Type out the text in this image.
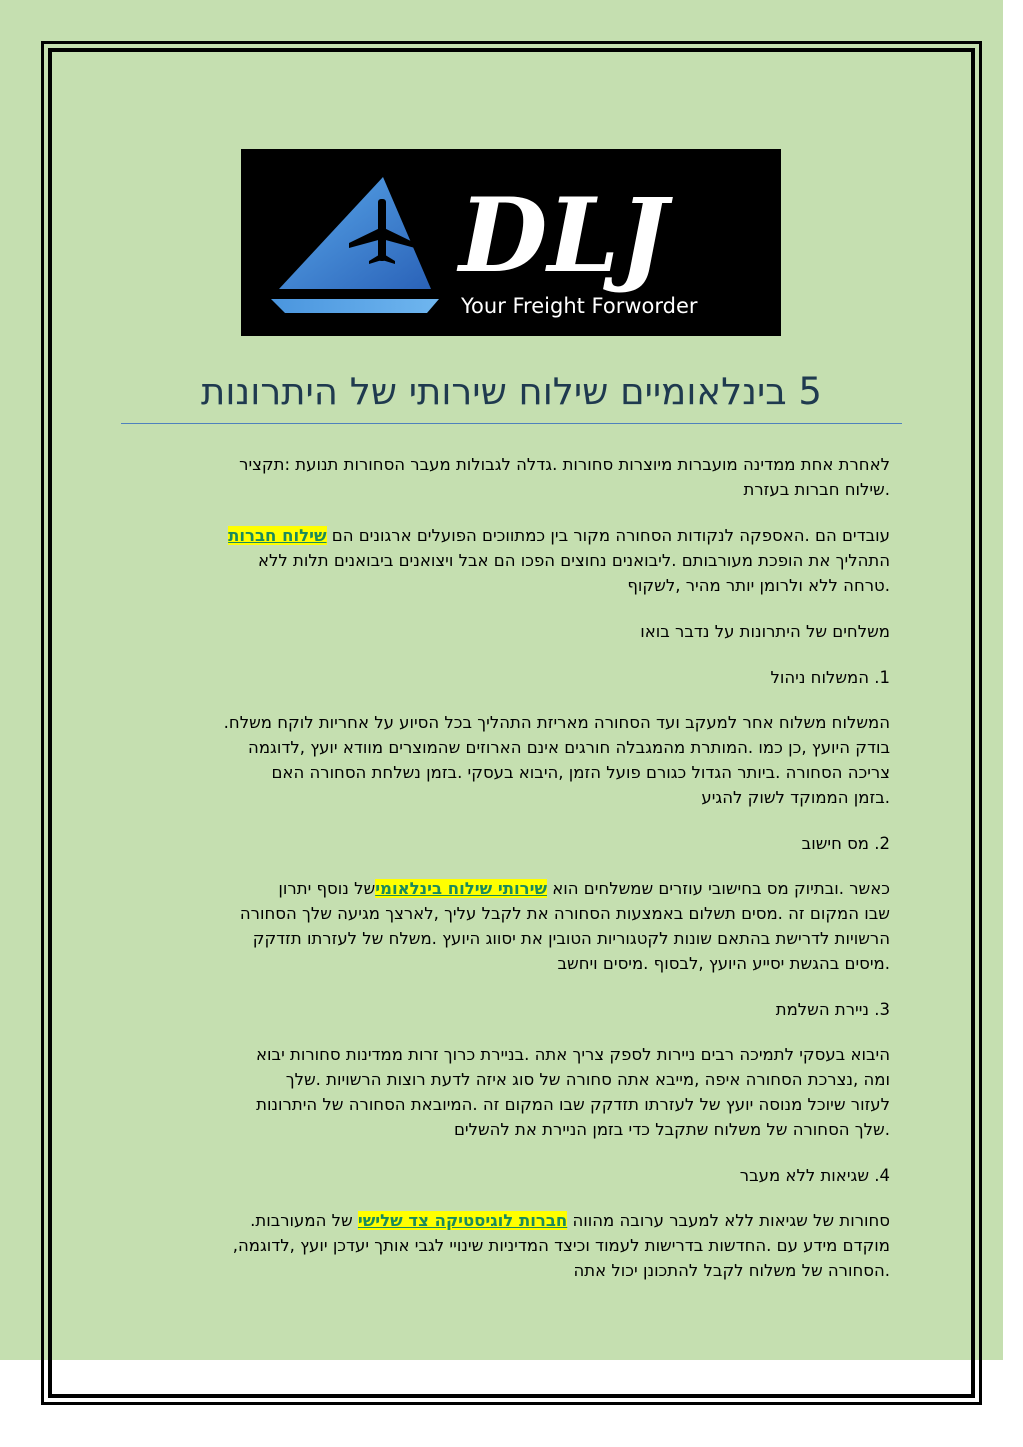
DLJ
Your Freight Forworder
5 בינלאומיים שילוח שירותי של היתרונות

לאחרת אחת ממדינה מועברות מיוצרות סחורות .גדלה לגבולות מעבר הסחורות תנועת :תקציר
.שילוח חברות בעזרת

עובדים הם .האספקה לנקודות הסחורה מקור בין כמתווכים הפועלים ארגונים הם שילוח חברות
התהליך את הופכת מעורבותם .ליבואנים נחוצים הפכו הם אבל ויצואנים ביבואנים תלות ללא
.טרחה ללא ולרומן יותר מהיר ,לשקוף

משלחים של היתרונות על נדבר בואו

1. המשלוח ניהול

המשלוח משלוח אחר למעקב ועד הסחורה מאריזת התהליך בכל הסיוע על אחריות לוקח משלח.
בודק היועץ ,כן כמו .המותרת מהמגבלה חורגים אינם הארוזים שהמוצרים מוודא יועץ ,לדוגמה
צריכה הסחורה .ביותר הגדול כגורם פועל הזמן ,היבוא בעסקי .בזמן נשלחת הסחורה האם
.בזמן הממוקד לשוק להגיע

2. מס חישוב

כאשר .ובתיוק מס בחישובי עוזרים שמשלחים הוא שירותי שילוח בינלאומישל נוסף יתרון
שבו המקום זה .מסים תשלום באמצעות הסחורה את לקבל עליך ,לארצך מגיעה שלך הסחורה
הרשויות לדרישת בהתאם שונות לקטגוריות הטובין את יסווג היועץ .משלח של לעזרתו תזדקק
.מיסים בהגשת יסייע היועץ ,לבסוף .מיסים ויחשב

3. ניירת השלמת

היבוא בעסקי לתמיכה רבים ניירות לספק צריך אתה .בניירת כרוך זרות ממדינות סחורות יבוא
ומה ,נצרכת הסחורה איפה ,מייבא אתה סחורה של סוג איזה לדעת רוצות הרשויות .שלך
לעזור שיוכל מנוסה יועץ של לעזרתו תזדקק שבו המקום זה .המיובאת הסחורה של היתרונות
.שלך הסחורה של משלוח שתקבל כדי בזמן הניירת את להשלים

4. שגיאות ללא מעבר

סחורות של שגיאות ללא למעבר ערובה מהווה חברות לוגיסטיקה צד שלישי של המעורבות.
מוקדם מידע עם .החדשות בדרישות לעמוד וכיצד המדיניות שינויי לגבי אותך יעדכן יועץ ,לדוגמה,
.הסחורה של משלוח לקבל להתכונן יכול אתה
